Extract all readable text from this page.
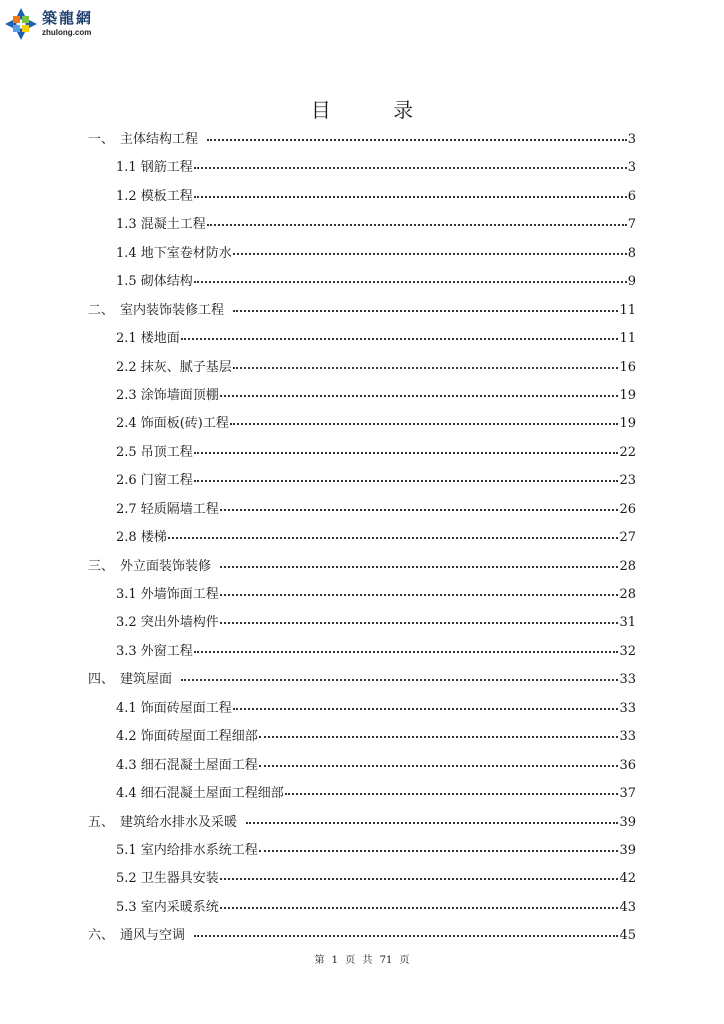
築龍網
zhulong.com
目 录
一、 主体结构工程	3
1.1 钢筋工程	3
1.2 模板工程	6
1.3 混凝土工程	7
1.4 地下室卷材防水	8
1.5 砌体结构	9
二、 室内装饰装修工程	11
2.1 楼地面	11
2.2 抹灰、腻子基层	16
2.3 涂饰墙面顶棚	19
2.4 饰面板(砖)工程	19
2.5 吊顶工程	22
2.6 门窗工程	23
2.7 轻质隔墙工程	26
2.8 楼梯	27
三、 外立面装饰装修	28
3.1 外墙饰面工程	28
3.2 突出外墙构件	31
3.3 外窗工程	32
四、 建筑屋面	33
4.1 饰面砖屋面工程	33
4.2 饰面砖屋面工程细部	33
4.3 细石混凝土屋面工程	36
4.4 细石混凝土屋面工程细部	37
五、 建筑给水排水及采暖	39
5.1 室内给排水系统工程	39
5.2 卫生器具安装	42
5.3 室内采暖系统	43
六、 通风与空调	45
第 1 页 共 71 页
